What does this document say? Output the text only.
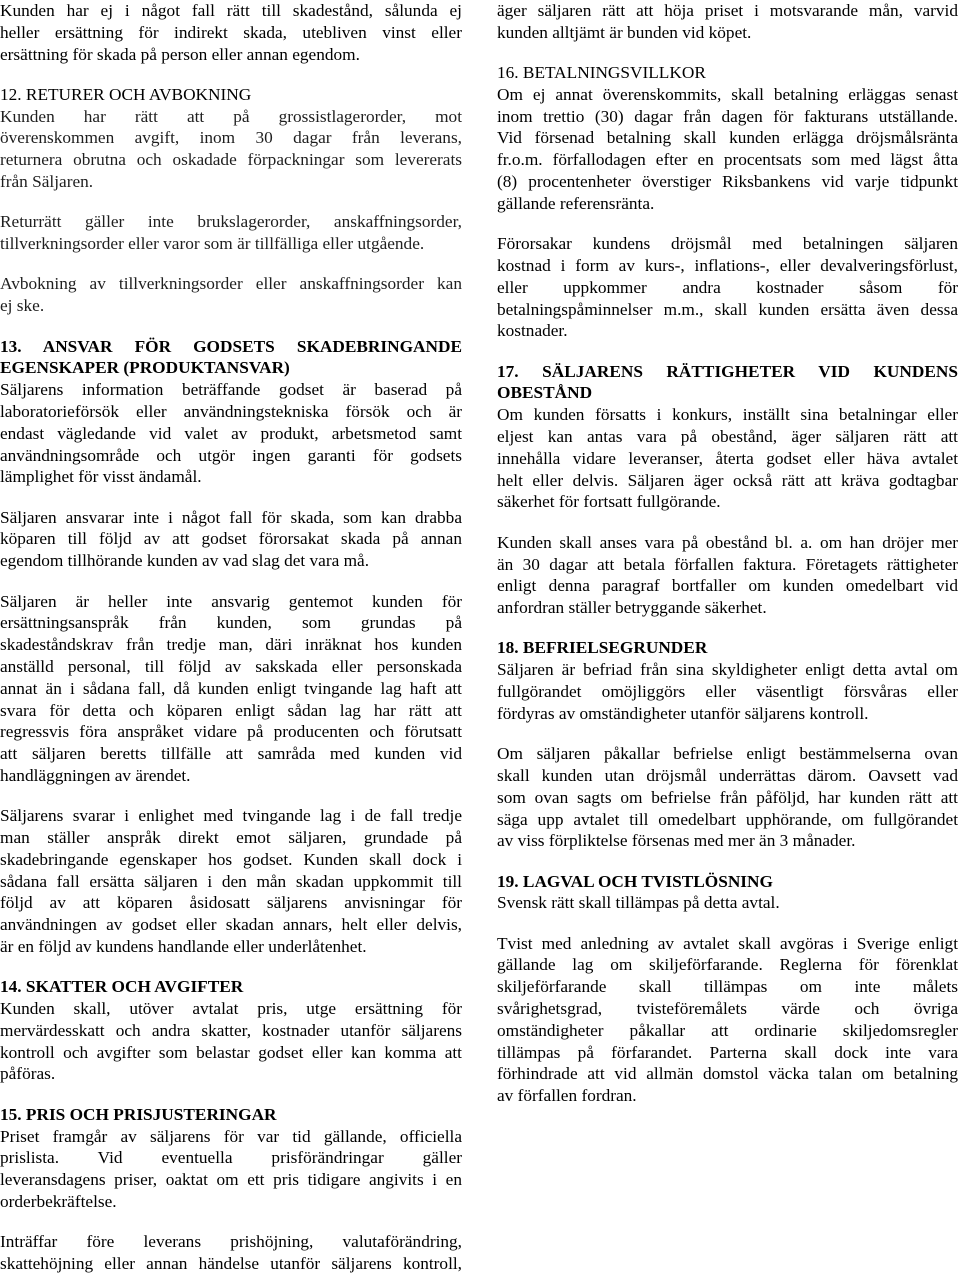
Kunden har ej i något fall rätt till skadestånd, sålunda ej
heller ersättning för indirekt skada, utebliven vinst eller
ersättning för skada på person eller annan egendom.
12. RETURER OCH AVBOKNING
Kunden har rätt att på grossistlagerorder, mot
överenskommen avgift, inom 30 dagar från leverans,
returnera obrutna och oskadade förpackningar som levererats
från Säljaren.
Returrätt gäller inte brukslagerorder, anskaffningsorder,
tillverkningsorder eller varor som är tillfälliga eller utgående.
Avbokning av tillverkningsorder eller anskaffningsorder kan
ej ske.
13. ANSVAR FÖR GODSETS SKADEBRINGANDE
EGENSKAPER (PRODUKTANSVAR)
Säljarens information beträffande godset är baserad på
laboratorieförsök eller användningstekniska försök och är
endast vägledande vid valet av produkt, arbetsmetod samt
användningsområde och utgör ingen garanti för godsets
lämplighet för visst ändamål.
Säljaren ansvarar inte i något fall för skada, som kan drabba
köparen till följd av att godset förorsakat skada på annan
egendom tillhörande kunden av vad slag det vara må.
Säljaren är heller inte ansvarig gentemot kunden för
ersättningsanspråk från kunden, som grundas på
skadeståndskrav från tredje man, däri inräknat hos kunden
anställd personal, till följd av sakskada eller personskada
annat än i sådana fall, då kunden enligt tvingande lag haft att
svara för detta och köparen enligt sådan lag har rätt att
regressvis föra anspråket vidare på producenten och förutsatt
att säljaren beretts tillfälle att samråda med kunden vid
handläggningen av ärendet.
Säljarens svarar i enlighet med tvingande lag i de fall tredje
man ställer anspråk direkt emot säljaren, grundade på
skadebringande egenskaper hos godset. Kunden skall dock i
sådana fall ersätta säljaren i den mån skadan uppkommit till
följd av att köparen åsidosatt säljarens anvisningar för
användningen av godset eller skadan annars, helt eller delvis,
är en följd av kundens handlande eller underlåtenhet.
14. SKATTER OCH AVGIFTER
Kunden skall, utöver avtalat pris, utge ersättning för
mervärdesskatt och andra skatter, kostnader utanför säljarens
kontroll och avgifter som belastar godset eller kan komma att
påföras.
15. PRIS OCH PRISJUSTERINGAR
Priset framgår av säljarens för var tid gällande, officiella
prislista. Vid eventuella prisförändringar gäller
leveransdagens priser, oaktat om ett pris tidigare angivits i en
orderbekräftelse.
Inträffar före leverans prishöjning, valutaförändring,
skattehöjning eller annan händelse utanför säljarens kontroll,
äger säljaren rätt att höja priset i motsvarande mån, varvid
kunden alltjämt är bunden vid köpet.
16. BETALNINGSVILLKOR
Om ej annat överenskommits, skall betalning erläggas senast
inom trettio (30) dagar från dagen för fakturans utställande.
Vid försenad betalning skall kunden erlägga dröjsmålsränta
fr.o.m. förfallodagen efter en procentsats som med lägst åtta
(8) procentenheter överstiger Riksbankens vid varje tidpunkt
gällande referensränta.
Förorsakar kundens dröjsmål med betalningen säljaren
kostnad i form av kurs-, inflations-, eller devalveringsförlust,
eller uppkommer andra kostnader såsom för
betalningspåminnelser m.m., skall kunden ersätta även dessa
kostnader.
17. SÄLJARENS RÄTTIGHETER VID KUNDENS
OBESTÅND
Om kunden försatts i konkurs, inställt sina betalningar eller
eljest kan antas vara på obestånd, äger säljaren rätt att
innehålla vidare leveranser, återta godset eller häva avtalet
helt eller delvis. Säljaren äger också rätt att kräva godtagbar
säkerhet för fortsatt fullgörande.
Kunden skall anses vara på obestånd bl. a. om han dröjer mer
än 30 dagar att betala förfallen faktura. Företagets rättigheter
enligt denna paragraf bortfaller om kunden omedelbart vid
anfordran ställer betryggande säkerhet.
18. BEFRIELSEGRUNDER
Säljaren är befriad från sina skyldigheter enligt detta avtal om
fullgörandet omöjliggörs eller väsentligt försvåras eller
fördyras av omständigheter utanför säljarens kontroll.
Om säljaren påkallar befrielse enligt bestämmelserna ovan
skall kunden utan dröjsmål underrättas därom. Oavsett vad
som ovan sagts om befrielse från påföljd, har kunden rätt att
säga upp avtalet till omedelbart upphörande, om fullgörandet
av viss förpliktelse försenas med mer än 3 månader.
19. LAGVAL OCH TVISTLÖSNING
Svensk rätt skall tillämpas på detta avtal.
Tvist med anledning av avtalet skall avgöras i Sverige enligt
gällande lag om skiljeförfarande. Reglerna för förenklat
skiljeförfarande skall tillämpas om inte målets
svårighetsgrad, tvisteföremålets värde och övriga
omständigheter påkallar att ordinarie skiljedomsregler
tillämpas på förfarandet. Parterna skall dock inte vara
förhindrade att vid allmän domstol väcka talan om betalning
av förfallen fordran.
